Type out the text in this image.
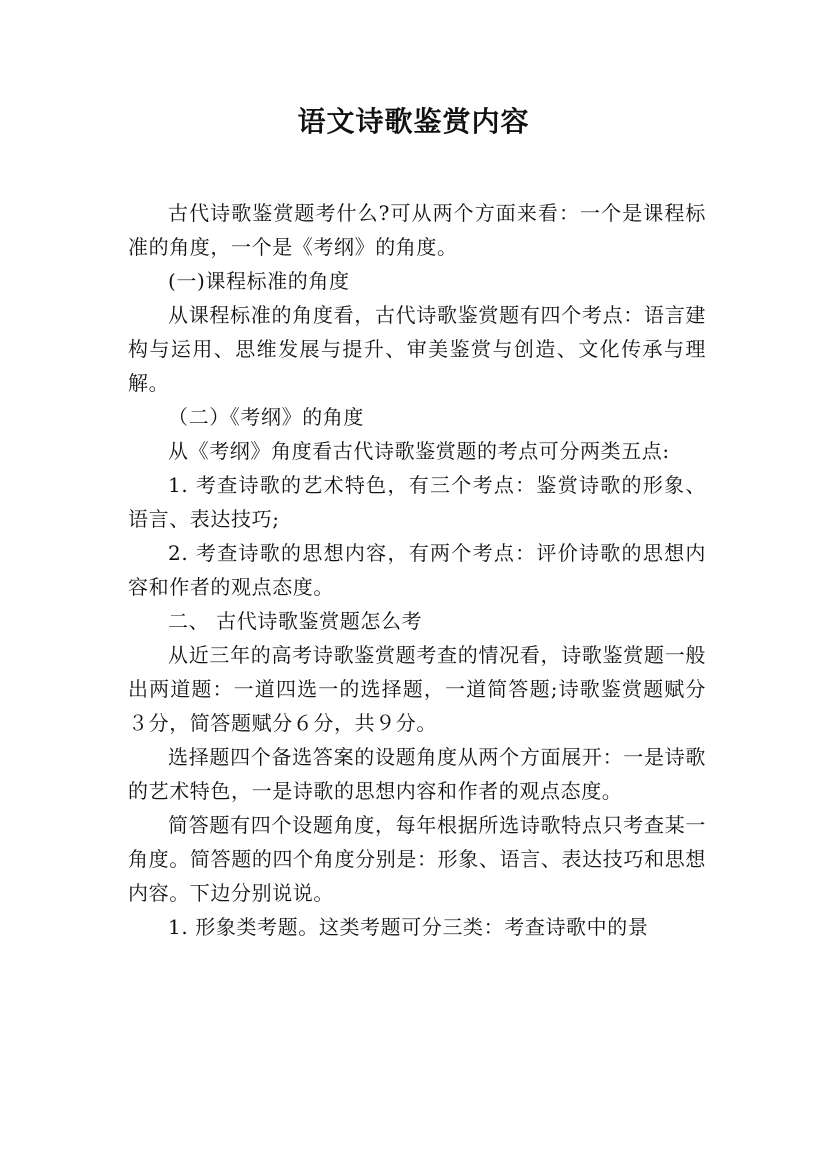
语文诗歌鉴赏内容

古代诗歌鉴赏题考什么?可从两个方面来看：一个是课程标准的角度，一个是《考纲》的角度。

(一)课程标准的角度

从课程标准的角度看，古代诗歌鉴赏题有四个考点：语言建构与运用、思维发展与提升、审美鉴赏与创造、文化传承与理解。

（二）《考纲》的角度

从《考纲》角度看古代诗歌鉴赏题的考点可分两类五点:

1. 考查诗歌的艺术特色，有三个考点：鉴赏诗歌的形象、语言、表达技巧;

2. 考查诗歌的思想内容，有两个考点：评价诗歌的思想内容和作者的观点态度。

二、 古代诗歌鉴赏题怎么考

从近三年的高考诗歌鉴赏题考查的情况看，诗歌鉴赏题一般出两道题：一道四选一的选择题，一道简答题;诗歌鉴赏题赋分３分，简答题赋分６分，共９分。

选择题四个备选答案的设题角度从两个方面展开：一是诗歌的艺术特色，一是诗歌的思想内容和作者的观点态度。

简答题有四个设题角度，每年根据所选诗歌特点只考查某一角度。简答题的四个角度分别是：形象、语言、表达技巧和思想内容。下边分别说说。

1. 形象类考题。这类考题可分三类：考查诗歌中的景
